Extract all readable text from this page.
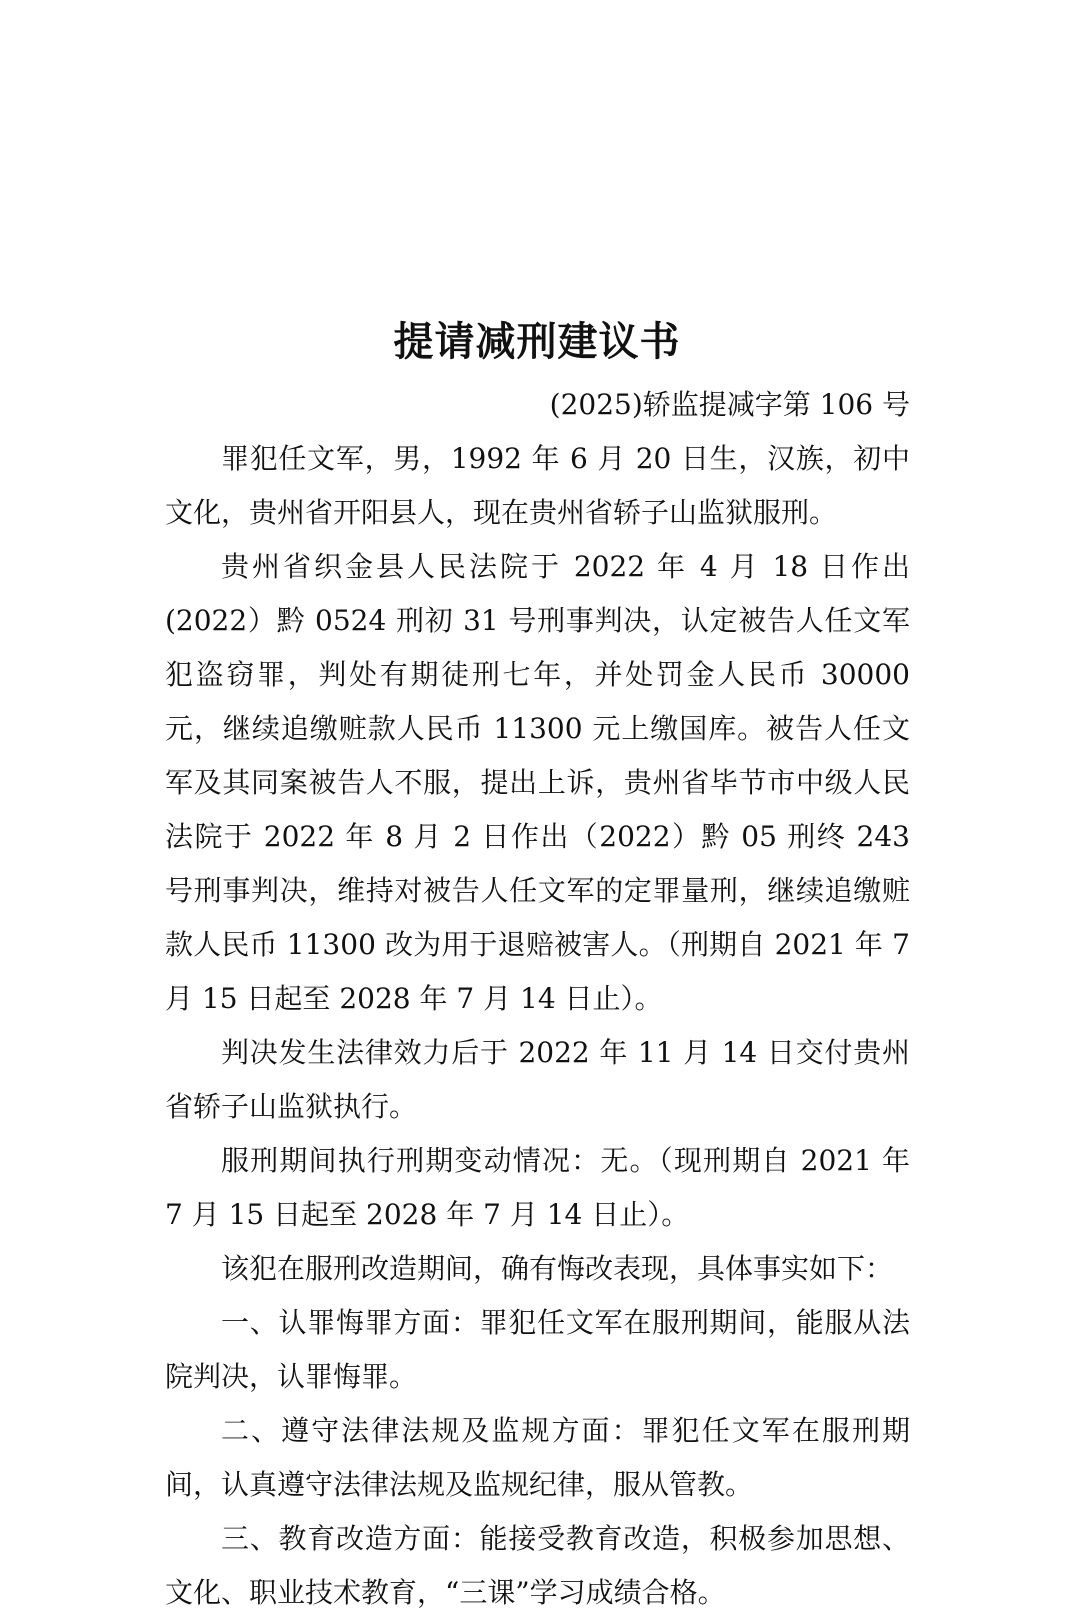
提请减刑建议书
(2025)轿监提减字第 106 号

罪犯任文军，男，1992 年 6 月 20 日生，汉族，初中文化，贵州省开阳县人，现在贵州省轿子山监狱服刑。

贵州省织金县人民法院于 2022 年 4 月 18 日作出(2022）黔 0524 刑初 31 号刑事判决，认定被告人任文军犯盗窃罪，判处有期徒刑七年，并处罚金人民币 30000 元，继续追缴赃款人民币 11300 元上缴国库。被告人任文军及其同案被告人不服，提出上诉，贵州省毕节市中级人民法院于 2022 年 8 月 2 日作出（2022）黔 05 刑终 243 号刑事判决，维持对被告人任文军的定罪量刑，继续追缴赃款人民币 11300 改为用于退赔被害人。（刑期自 2021 年 7 月 15 日起至 2028 年 7 月 14 日止）。

判决发生法律效力后于 2022 年 11 月 14 日交付贵州省轿子山监狱执行。

服刑期间执行刑期变动情况：无。（现刑期自 2021 年 7 月 15 日起至 2028 年 7 月 14 日止）。

该犯在服刑改造期间，确有悔改表现，具体事实如下：

一、认罪悔罪方面：罪犯任文军在服刑期间，能服从法院判决，认罪悔罪。

二、遵守法律法规及监规方面：罪犯任文军在服刑期间，认真遵守法律法规及监规纪律，服从管教。

三、教育改造方面：能接受教育改造，积极参加思想、文化、职业技术教育，“三课”学习成绩合格。
